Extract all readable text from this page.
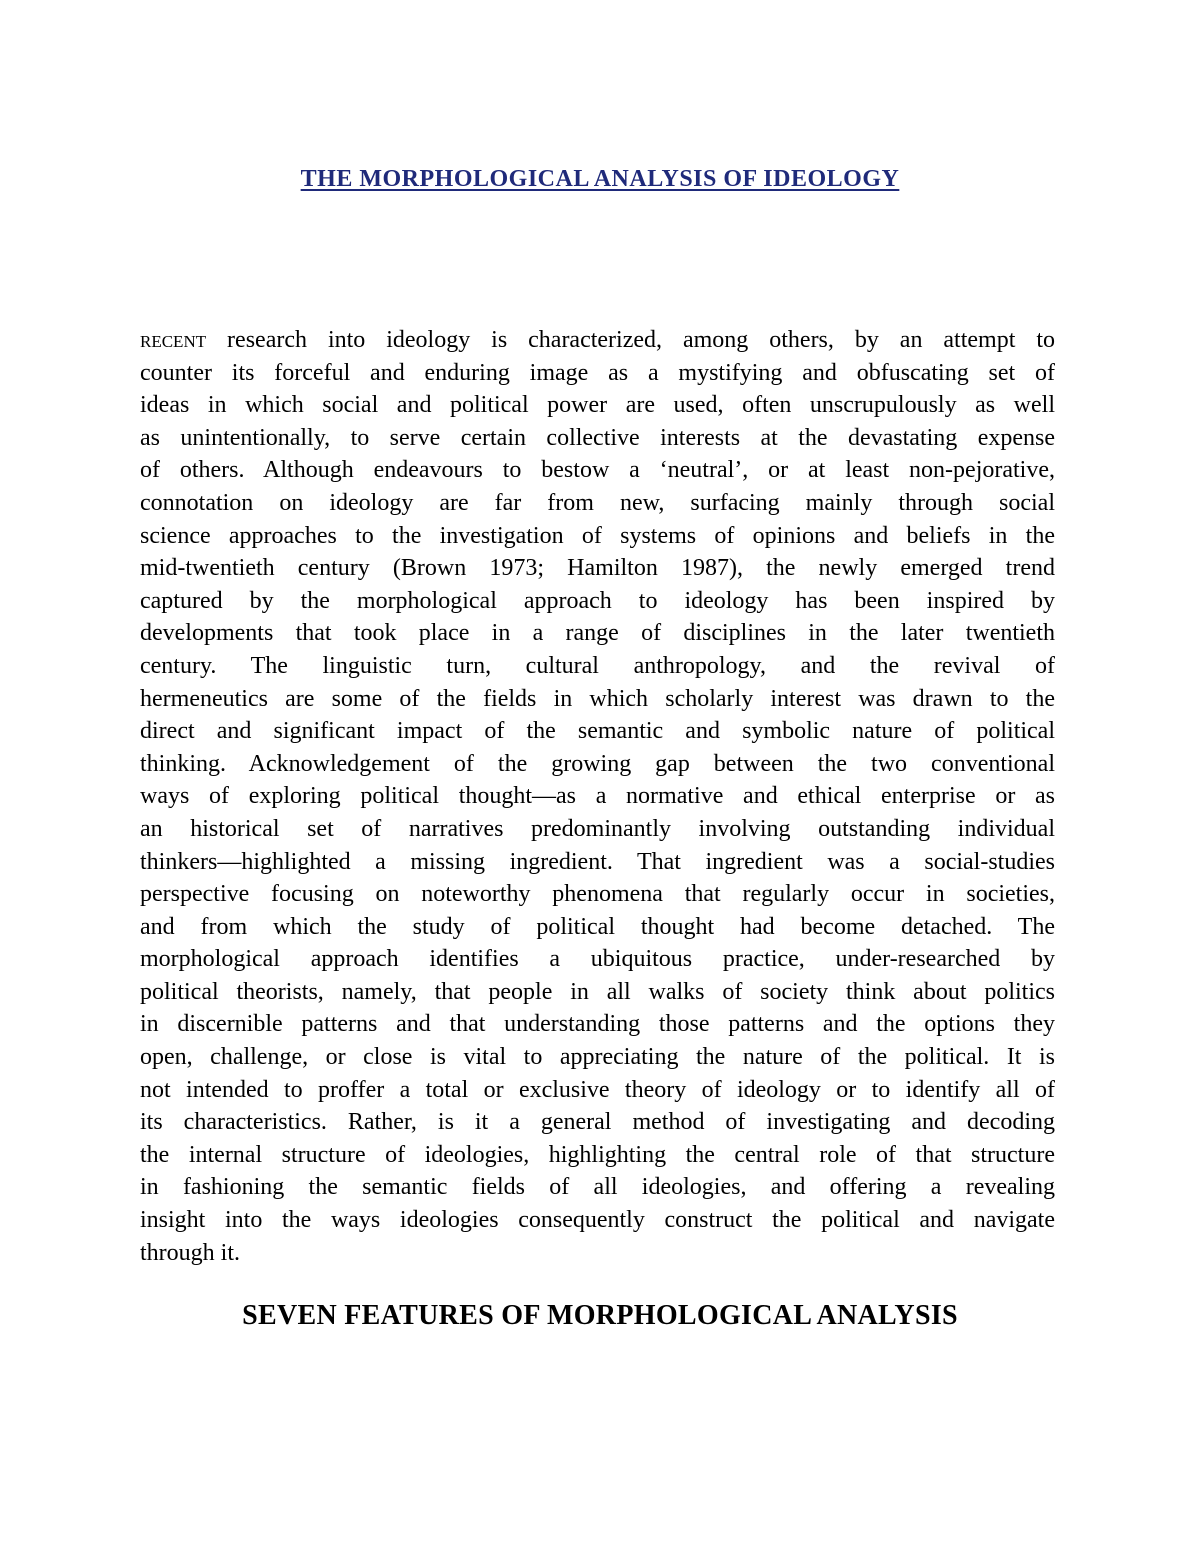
THE MORPHOLOGICAL ANALYSIS OF IDEOLOGY
recent research into ideology is characterized, among others, by an attempt to
counter its forceful and enduring image as a mystifying and obfuscating set of
ideas in which social and political power are used, often unscrupulously as well
as unintentionally, to serve certain collective interests at the devastating expense
of others. Although endeavours to bestow a ‘neutral’, or at least non-pejorative,
connotation on ideology are far from new, surfacing mainly through social
science approaches to the investigation of systems of opinions and beliefs in the
mid-twentieth century (Brown 1973; Hamilton 1987), the newly emerged trend
captured by the morphological approach to ideology has been inspired by
developments that took place in a range of disciplines in the later twentieth
century. The linguistic turn, cultural anthropology, and the revival of
hermeneutics are some of the fields in which scholarly interest was drawn to the
direct and significant impact of the semantic and symbolic nature of political
thinking. Acknowledgement of the growing gap between the two conventional
ways of exploring political thought—as a normative and ethical enterprise or as
an historical set of narratives predominantly involving outstanding individual
thinkers—highlighted a missing ingredient. That ingredient was a social-studies
perspective focusing on noteworthy phenomena that regularly occur in societies,
and from which the study of political thought had become detached. The
morphological approach identifies a ubiquitous practice, under-researched by
political theorists, namely, that people in all walks of society think about politics
in discernible patterns and that understanding those patterns and the options they
open, challenge, or close is vital to appreciating the nature of the political. It is
not intended to proffer a total or exclusive theory of ideology or to identify all of
its characteristics. Rather, is it a general method of investigating and decoding
the internal structure of ideologies, highlighting the central role of that structure
in fashioning the semantic fields of all ideologies, and offering a revealing
insight into the ways ideologies consequently construct the political and navigate
through it.
SEVEN FEATURES OF MORPHOLOGICAL ANALYSIS
